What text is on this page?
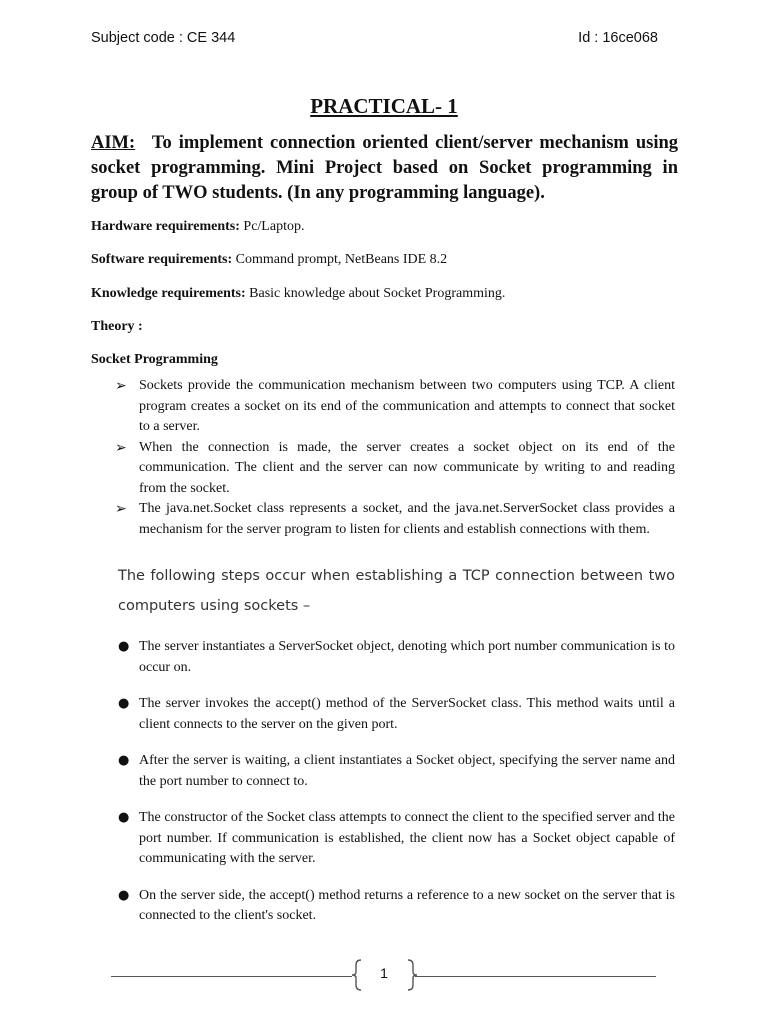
Subject code : CE 344	Id : 16ce068
PRACTICAL- 1
AIM: To implement connection oriented client/server mechanism using socket programming. Mini Project based on Socket programming in group of TWO students. (In any programming language).
Hardware requirements: Pc/Laptop.
Software requirements: Command prompt, NetBeans IDE 8.2
Knowledge requirements: Basic knowledge about Socket Programming.
Theory :
Socket Programming
➢ Sockets provide the communication mechanism between two computers using TCP. A client program creates a socket on its end of the communication and attempts to connect that socket to a server.
➢ When the connection is made, the server creates a socket object on its end of the communication. The client and the server can now communicate by writing to and reading from the socket.
➢ The java.net.Socket class represents a socket, and the java.net.ServerSocket class provides a mechanism for the server program to listen for clients and establish connections with them.
The following steps occur when establishing a TCP connection between two computers using sockets –
● The server instantiates a ServerSocket object, denoting which port number communication is to occur on.
● The server invokes the accept() method of the ServerSocket class. This method waits until a client connects to the server on the given port.
● After the server is waiting, a client instantiates a Socket object, specifying the server name and the port number to connect to.
● The constructor of the Socket class attempts to connect the client to the specified server and the port number. If communication is established, the client now has a Socket object capable of communicating with the server.
● On the server side, the accept() method returns a reference to a new socket on the server that is connected to the client's socket.
1
